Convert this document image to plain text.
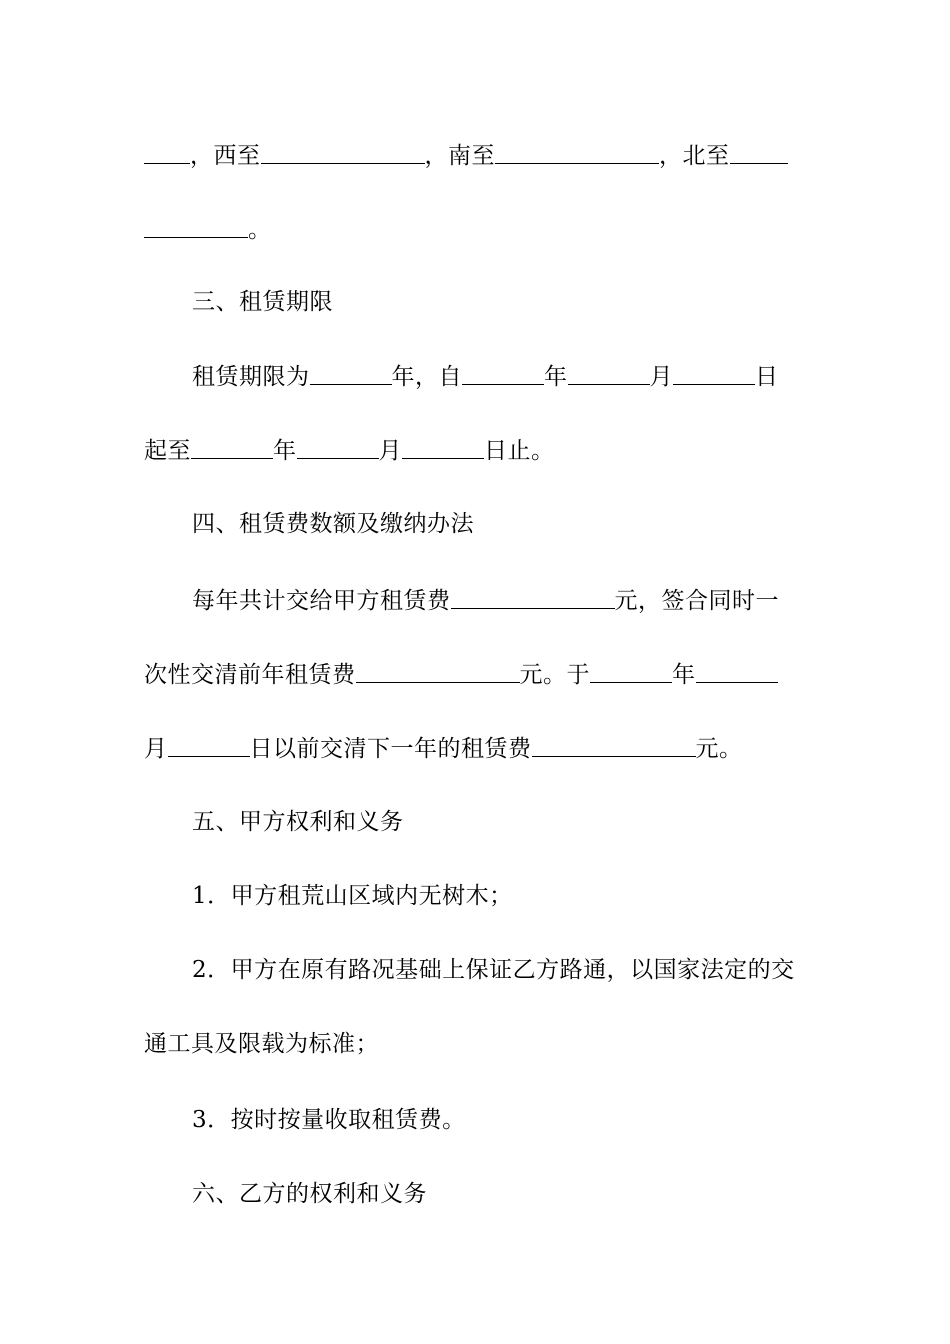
，西至	，南至	，北至
。
三、租赁期限
租赁期限为	年，自	年	月	日
起至	年	月	日止。
四、租赁费数额及缴纳办法
每年共计交给甲方租赁费	元，签合同时一
次性交清前年租赁费	元。于	年
月	日以前交清下一年的租赁费	元。
五、甲方权利和义务
1．甲方租荒山区域内无树木；
2．甲方在原有路况基础上保证乙方路通，以国家法定的交
通工具及限载为标准；
3．按时按量收取租赁费。
六、乙方的权利和义务
